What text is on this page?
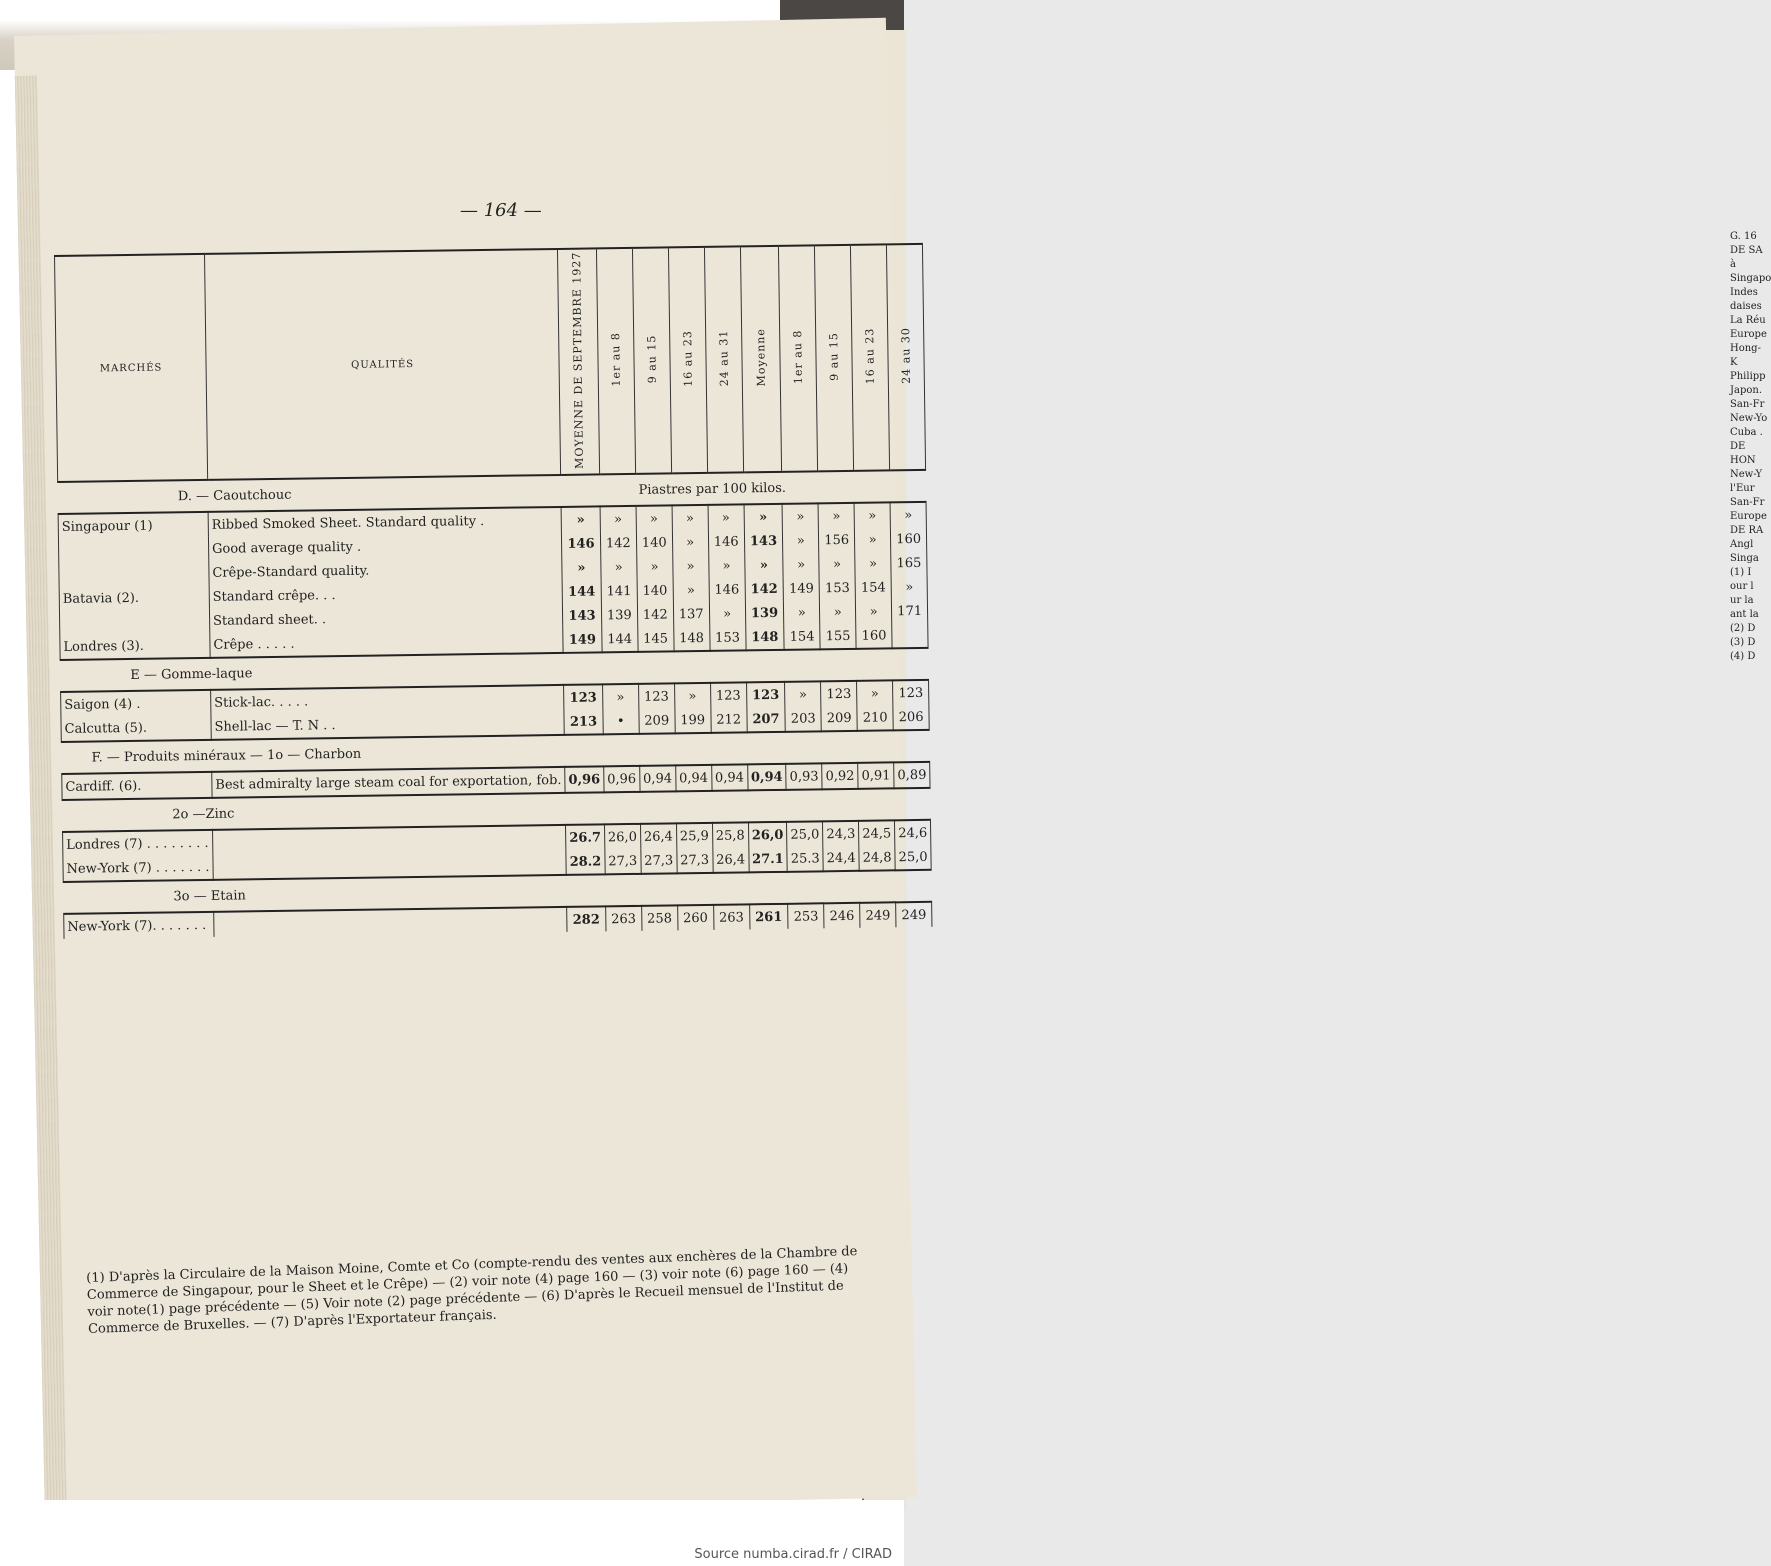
G. 16 DE SA à Singapo Indes daises La Réu Europe Hong-K Philipp Japon. San-Fr New-Yo Cuba . DE HON New-Y l'Eur San-Fr Europe DE RA Angl Singa (1) I our l ur la ant la (2) D (3) D (4) D
— 164 —
MARCHÉS	QUALITÉS	MOYENNE DE SEPTEMBRE 1927	1er au 8	9 au 15	16 au 23	24 au 31	Moyenne	1er au 8	9 au 15	16 au 23	24 au 30
D. — Caoutchouc				Piastres par 100 kilos.							
Singapour (1)	Ribbed Smoked Sheet. Standard quality .	»	»	»	»	»	»	»	»	»	»
	Good average quality .	146	142	140	»	146	143	»	156	»	160
	Crêpe-Standard quality.	»	»	»	»	»	»	»	»	»	165
Batavia (2).	Standard crêpe. . .	144	141	140	»	146	142	149	153	154	»
	Standard sheet. .	143	139	142	137	»	139	»	»	»	171
Londres (3).	Crêpe . . . . .	149	144	145	148	153	148	154	155	160	
E — Gomme-laque											
Saigon (4) .	Stick-lac. . . . .	123	»	123	»	123	123	»	123	»	123
Calcutta (5).	Shell-lac — T. N . .	213	•	209	199	212	207	203	209	210	206
F. — Produits minéraux — 1o — Charbon											
Cardiff. (6).	Best admiralty large steam coal for exportation, fob.	0,96	0,96	0,94	0,94	0,94	0,94	0,93	0,92	0,91	0,89
2o —Zinc											
Londres (7) . . . . . . . .		26.7	26,0	26,4	25,9	25,8	26,0	25,0	24,3	24,5	24,6
New-York (7) . . . . . . .		28.2	27,3	27,3	27,3	26,4	27.1	25.3	24,4	24,8	25,0
3o — Etain											
New-York (7). . . . . . .		282	263	258	260	263	261	253	246	249	249
(1) D'après la Circulaire de la Maison Moine, Comte et Co (compte-rendu des ventes aux enchères de la Chambre de Commerce de Singapour, pour le Sheet et le Crêpe) — (2) voir note (4) page 160 — (3) voir note (6) page 160 — (4) voir note(1) page précédente — (5) Voir note (2) page précédente — (6) D'après le Recueil mensuel de l'Institut de Commerce de Bruxelles. — (7) D'après l'Exportateur français.
Source numba.cirad.fr / CIRAD
